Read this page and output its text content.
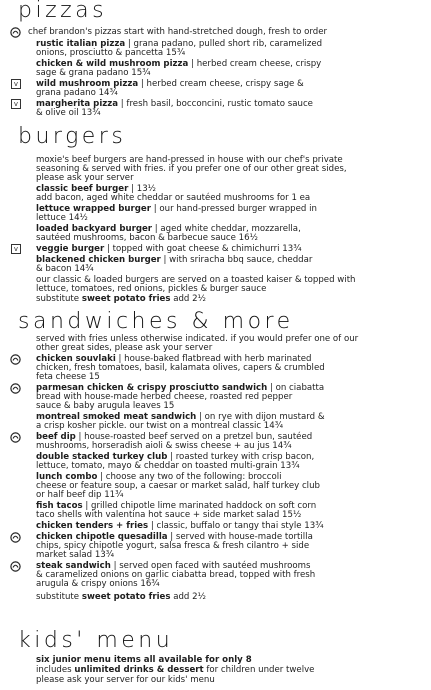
pizzas
chef brandon's pizzas start with hand-stretched dough, fresh to order
rustic italian pizza | grana padano, pulled short rib, caramelized
onions, prosciutto & pancetta 15¾
chicken & wild mushroom pizza | herbed cream cheese, crispy
sage & grana padano 15¾
v	wild mushroom pizza | herbed cream cheese, crispy sage &
grana padano 14¾
v	margherita pizza | fresh basil, bocconcini, rustic tomato sauce
& olive oil 13¾
burgers
moxie's beef burgers are hand-pressed in house with our chef's private
seasoning & served with fries. if you prefer one of our other great sides,
please ask your server
classic beef burger | 13½
add bacon, aged white cheddar or sautéed mushrooms for 1 ea
lettuce wrapped burger | our hand-pressed burger wrapped in
lettuce 14½
loaded backyard burger | aged white cheddar, mozzarella,
sautéed mushrooms, bacon & barbecue sauce 16½
v	veggie burger | topped with goat cheese & chimichurri 13¾
blackened chicken burger | with sriracha bbq sauce, cheddar
& bacon 14¾
our classic & loaded burgers are served on a toasted kaiser & topped with
lettuce, tomatoes, red onions, pickles & burger sauce
substitute sweet potato fries add 2½
sandwiches & more
served with fries unless otherwise indicated. if you would prefer one of our
other great sides, please ask your server
chicken souvlaki | house-baked flatbread with herb marinated
chicken, fresh tomatoes, basil, kalamata olives, capers & crumbled
feta cheese 15
parmesan chicken & crispy prosciutto sandwich | on ciabatta
bread with house-made herbed cheese, roasted red pepper
sauce & baby arugula leaves 15
montreal smoked meat sandwich | on rye with dijon mustard &
a crisp kosher pickle. our twist on a montreal classic 14¾
beef dip | house-roasted beef served on a pretzel bun, sautéed
mushrooms, horseradish aioli & swiss cheese + au jus 14¾
double stacked turkey club | roasted turkey with crisp bacon,
lettuce, tomato, mayo & cheddar on toasted multi-grain 13¾
lunch combo | choose any two of the following: broccoli
cheese or feature soup, a caesar or market salad, half turkey club
or half beef dip 11¾
fish tacos | grilled chipotle lime marinated haddock on soft corn
taco shells with valentina hot sauce + side market salad 15½
chicken tenders + fries | classic, buffalo or tangy thai style 13¾
chicken chipotle quesadilla | served with house-made tortilla
chips, spicy chipotle yogurt, salsa fresca & fresh cilantro + side
market salad 13¾
steak sandwich | served open faced with sautéed mushrooms
& caramelized onions on garlic ciabatta bread, topped with fresh
arugula & crispy onions 16¾
substitute sweet potato fries add 2½
kids' menu
six junior menu items all available for only 8
includes unlimited drinks & dessert for children under twelve
please ask your server for our kids' menu
